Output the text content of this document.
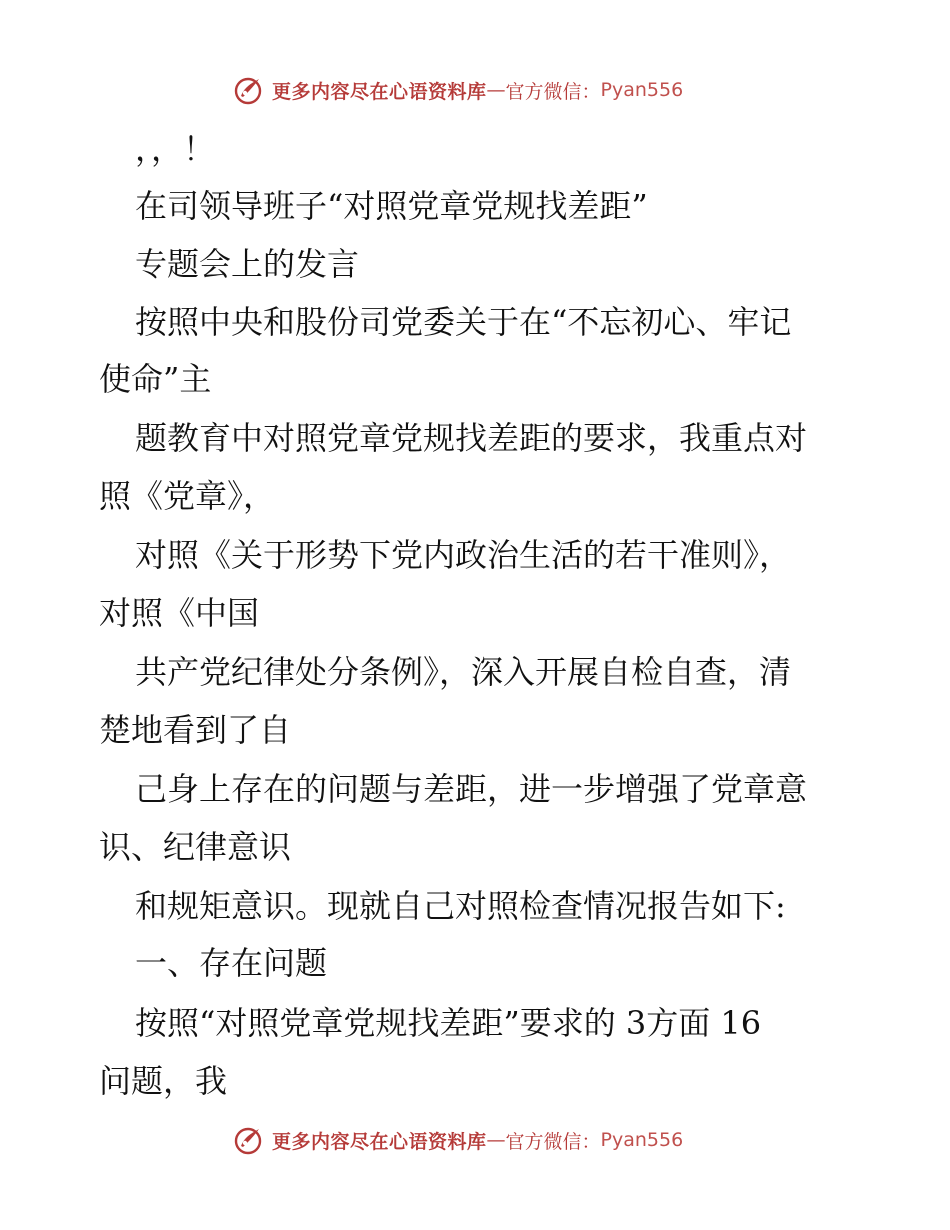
更多内容尽在心语资料库 — 官方微信： Pyan556
，，！
在司领导班子“对照党章党规找差距”
专题会上的发言
按照中央和股份司党委关于在“不忘初心、牢记
使命”主
题教育中对照党章党规找差距的要求，我重点对
照《党章》，
对照《关于形势下党内政治生活的若干准则》，
对照《中国
共产党纪律处分条例》，深入开展自检自查，清
楚地看到了自
己身上存在的问题与差距，进一步增强了党章意
识、纪律意识
和规矩意识。现就自己对照检查情况报告如下:
一、存在问题
按照“对照党章党规找差距”要求的 3方面 16
问题，我
更多内容尽在心语资料库 — 官方微信： Pyan556
